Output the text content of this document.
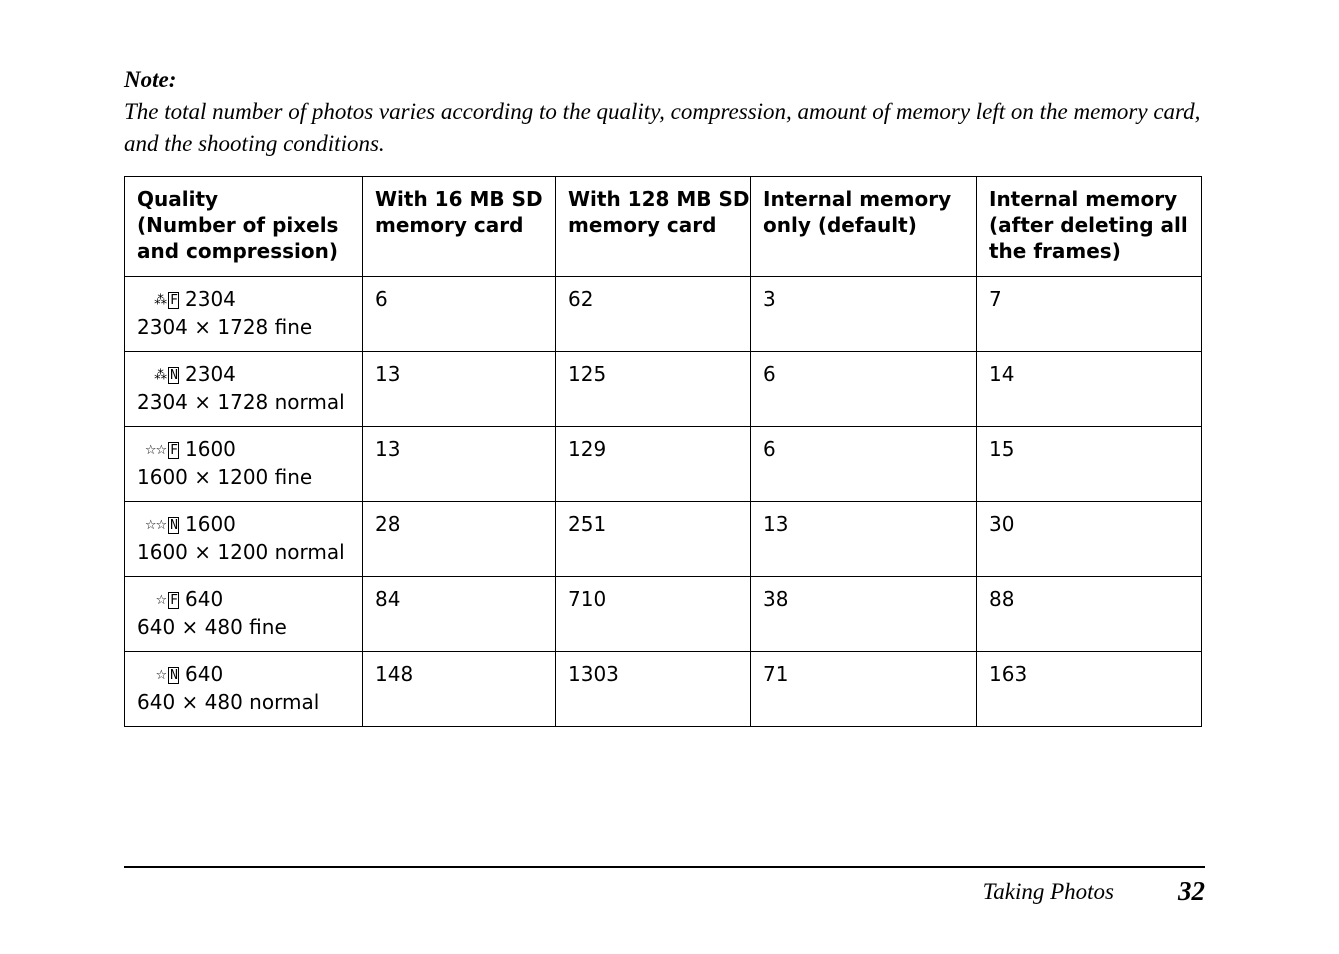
Note:

The total number of photos varies according to the quality, compression, amount of memory left on the memory card, and the shooting conditions.

Quality
(Number of pixels
and compression)	With 16 MB SD
memory card	With 128 MB SD
memory card	Internal memory
only (default)	Internal memory
(after deleting all
the frames)

⁂ F 2304
2304 × 1728 fine	6	62	3	7

⁂ N 2304
2304 × 1728 normal	13	125	6	14

☆☆ F 1600
1600 × 1200 fine	13	129	6	15

☆☆ N 1600
1600 × 1200 normal	28	251	13	30

☆ F 640
640 × 480 fine	84	710	38	88

☆ N 640
640 × 480 normal	148	1303	71	163
Taking Photos 32
